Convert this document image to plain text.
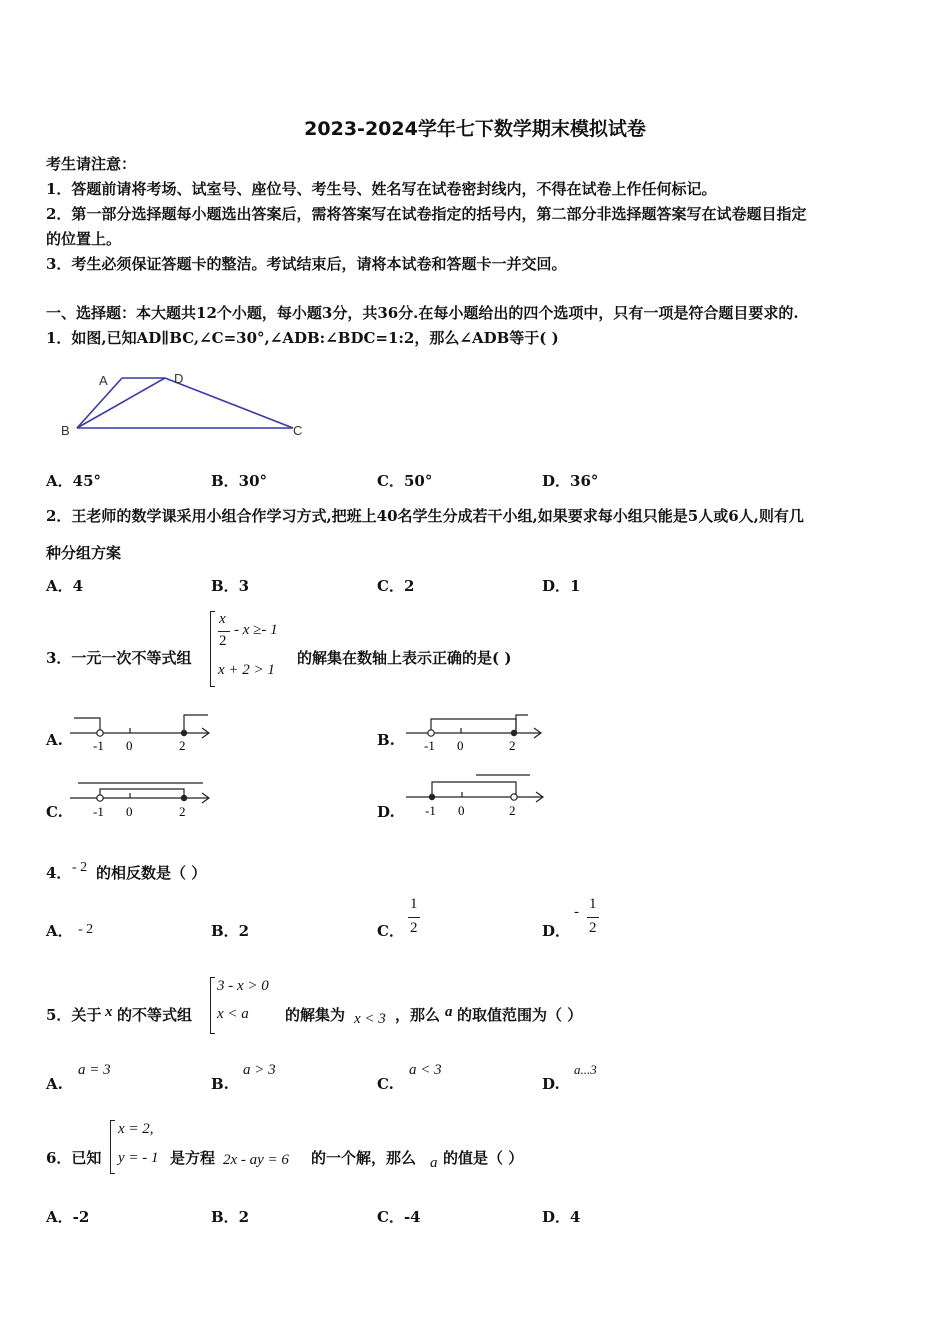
2023-2024学年七下数学期末模拟试卷
考生请注意：
1．答题前请将考场、试室号、座位号、考生号、姓名写在试卷密封线内，不得在试卷上作任何标记。
2．第一部分选择题每小题选出答案后，需将答案写在试卷指定的括号内，第二部分非选择题答案写在试卷题目指定
的位置上。
3．考生必须保证答题卡的整洁。考试结束后，请将本试卷和答题卡一并交回。
一、选择题：本大题共12个小题，每小题3分，共36分.在每小题给出的四个选项中，只有一项是符合题目要求的.
1．如图,已知AD∥BC,∠C=30°,∠ADB:∠BDC=1:2，那么∠ADB等于( )
A	D
B	C
A．45°	B．30°	C．50°	D．36°
2．王老师的数学课采用小组合作学习方式,把班上40名学生分成若干小组,如果要求每小组只能是5人或6人,则有几
种分组方案
A．4	B．3	C．2	D．1
3．一元一次不等式组
x
2
- x ≥- 1
x + 2 > 1
的解集在数轴上表示正确的是( )
A. -1 0	2	B. -1 0	2
C. -1 0	2	D. -1 0	2
4． - 2 的相反数是（ ）
A． - 2	B．2	C．
1
2	D．
- 1
2
5．关于 x 的不等式组
3 - x > 0
x < a 的解集为 x < 3 ，那么 a 的取值范围为（ ）
A.
a = 3
B.
a > 3
C.
a < 3
D.
a...3
6．已知
x = 2,
y = - 1 是方程 2x - ay = 6 的一个解，那么 a 的值是（ ）
A．-2	B．2	C．-4	D．4
